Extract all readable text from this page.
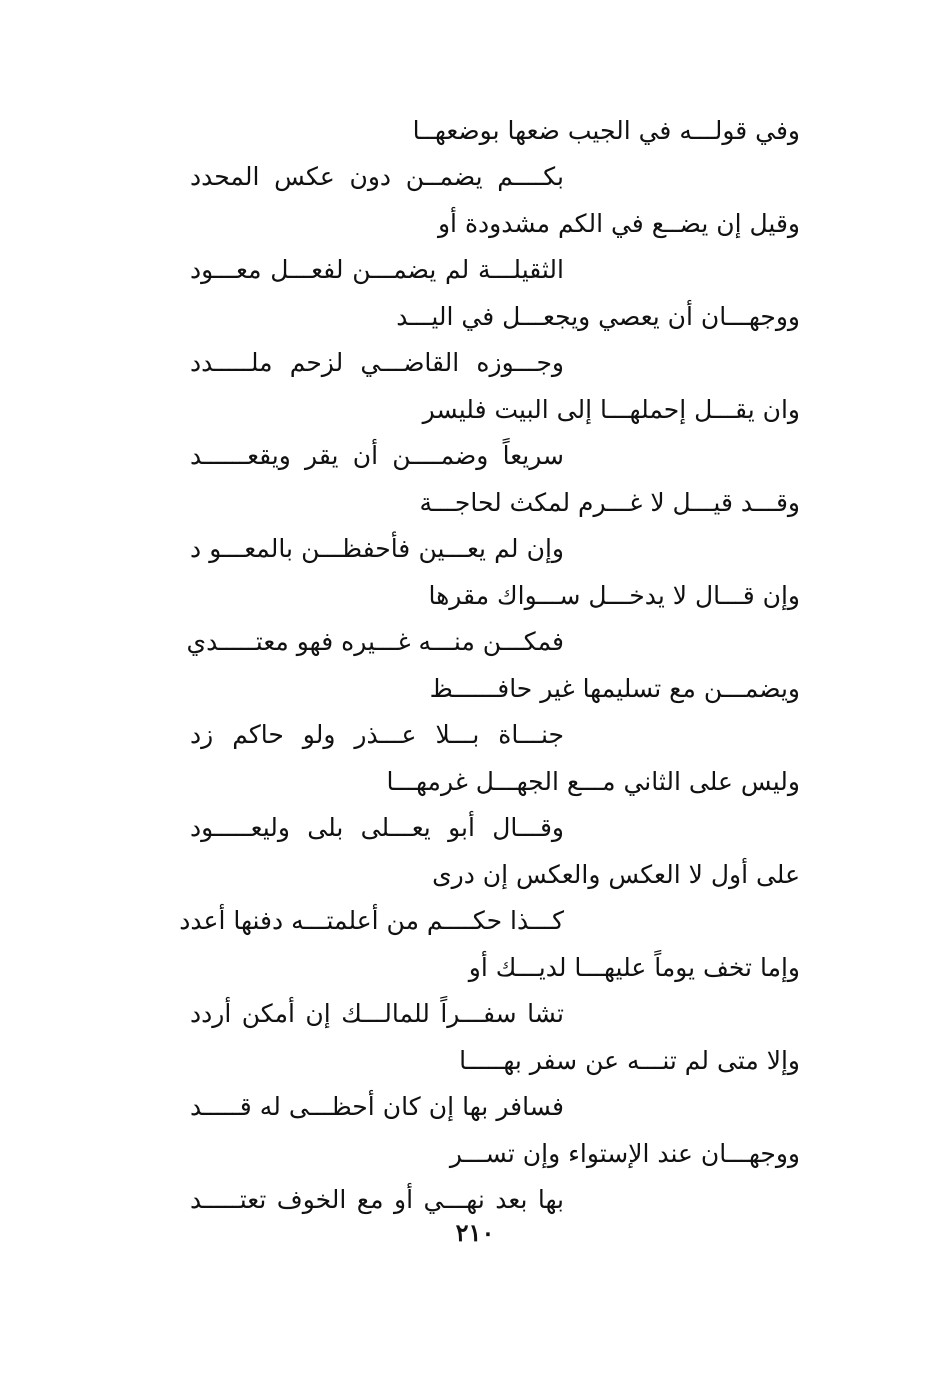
وفي قولـــه في الجيب ضعها بوضعهــا
بكــــم يضمــن دون عكس المحدد
وقيل إن يضــع في الكم مشدودة أو
الثقيلـــة لم يضمـــن لفعـــل معـــود
ووجهـــان أن يعصي ويجعـــل في اليـــد
وجـــوزه القاضـــي لزحم ملـــــدد
وان يقـــل إحملهـــا إلى البيت فليسر
سريعاً وضمــــن أن يقر ويقعــــــد
وقـــد قيـــل لا غـــرم لمكث لحاجـــة
وإن لم يعـــين فأحفظـــن بالمعـــو د
وإن قـــال لا يدخـــل ســـواك مقرها
فمكـــن منـــه غـــيره فهو معتـــــدي
ويضمـــن مع تسليمها غير حافــــــظ
جنـــاة بـــلا عـــذر ولو حاكم زد
وليس على الثاني مـــع الجهـــل غرمهـــا
وقـــال أبو يعـــلى بلى وليعـــــود
على أول لا العكس والعكس إن درى
كـــذا حكــــم من أعلمتـــه دفنها أعدد
وإما تخف يوماً عليهـــا لديـــك أو
تشا سفـــراً للمالـــك إن أمكن أردد
وإلا متى لم تنـــه عن سفر بهـــــا
فسافر بها إن كان أحظـــى له قـــــد
ووجهـــان عند الإستواء وإن تســـر
بها بعد نهـــي أو مع الخوف تعتـــــد
٢١٠
